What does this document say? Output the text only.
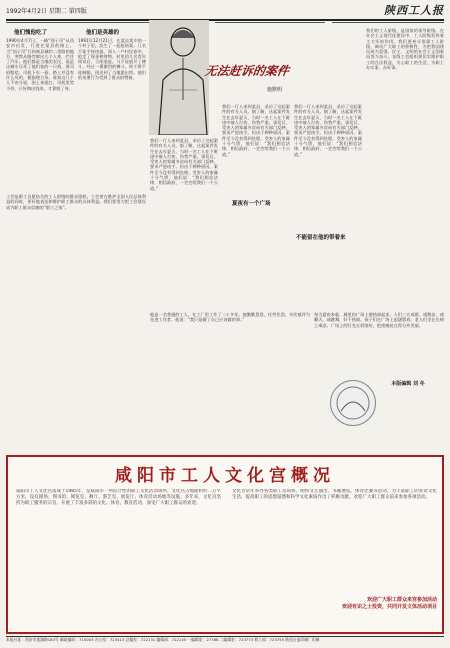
1992年4月2日 星期二 第四版	陕西工人报
他们愧他吃了
1990年4月7日，一辆“别子吊”从西安市出发，行进在某县的路上。当“别子吊”行到离县城约二里路的地方，突然从路旁窜出几个人来，拦住了汽车。他们都是当地的农民，说是这辆车压死了他们家的一只鸡，要司机赔偿。司机下车一看，路上并没有什么死鸡，便据理力争。谁知这几个人不由分说，围上来就打。司机见势不妙，只好掏出钱来，才算脱了身。
他们是英雄的
1991年12月21日，在某县某乡的一个村子里，发生了一起抢劫案。几名歹徒手持凶器，闯入一户村民家中，抢走了现金和财物。村里的几名青年闻讯后，立即追赶，与歹徒展开了搏斗。经过一番激烈的搏斗，终于将歹徒制服，扭送到了当地派出所。他们的英勇行为受到了群众的赞扬。	无法赶诉的案件
施默明
我们一行人来到某县，采访了这起案件的有关人员。据了解，这起案件发生在去年夏天，当时一名工人在下班途中被人打伤，伤势严重。事发后，受害人的家属多次向有关部门反映，要求严惩凶手。但由于种种原因，案件至今没有得到处理。受害人的家属十分气愤，他们说：“我们相信法律，相信政府，一定会给我们一个公道。”
我们一行人来到某县，采访了这起案件的有关人员。据了解，这起案件发生在去年夏天，当时一名工人在下班途中被人打伤，伤势严重。事发后，受害人的家属多次向有关部门反映，要求严惩凶手。但由于种种原因，案件至今没有得到处理。受害人的家属十分气愤，他们说：“我们相信法律，相信政府，一定会给我们一个公道。”
我们一行人来到某县，采访了这起案件的有关人员。据了解，这起案件发生在去年夏天，当时一名工人在下班途中被人打伤，伤势严重。事发后，受害人的家属多次向有关部门反映，要求严惩凶手。但由于种种原因，案件至今没有得到处理。受害人的家属十分气愤，他们说：“我们相信法律，相信政府，一定会给我们一个公道。”
夏夜有一个广场
不能留在他的带着来
我们的工人阶级，是国家的领导阶级。在社会主义现代化建设中，工人阶级发挥着主力军的作用。我们要充分依靠工人阶级，调动广大职工的积极性，为把我国建设成为富强、民主、文明的社会主义国家而努力奋斗。各级工会组织要切实维护职工的合法权益，关心职工的生活，为职工办实事、办好事。
工会是职工自愿结合的工人阶级的群众组织。工会要在维护全国人民总体利益的同时，更好地表达和维护职工群众的具体利益。我们要努力把工会建设成为职工群众信赖的“职工之家”。
他是一名普通的工人，在工厂里工作了二十多年。他勤勤恳恳，任劳任怨，多次被评为先进工作者。他说：“我只是做了自己应该做的事。”
每当夏夜来临，城里的广场上便热闹起来。人们三五成群，或散步，或聊天，或跳舞，好不热闹。孩子们在广场上追逐嬉戏，老人们坐在长椅上乘凉。广场上的灯光五彩缤纷，把夜晚装点得分外美丽。
本版编辑 刘 冬
咸阳市工人文化宫概况
咸阳市工人文化宫落成于1985年，是咸阳市一所综合性的职工文化活动场所。文化宫占地面积约二万平方米，设有剧场、图书馆、阅览室、舞厅、游艺室、展览厅、体育活动场地等设施。多年来，文化宫坚持为职工服务的宗旨，开展了丰富多彩的文化、体育、教育活动，深受广大职工群众的欢迎。
文化宫常年举办各类职工培训班，组织文艺演出、书画展览、体育比赛等活动，为丰富职工的业余文化生活，提高职工的思想道德和科学文化素质作出了积极贡献。欢迎广大职工群众前来参加各项活动。
欢迎广大职工群众来宫参加活动
欢迎有识之士投资，共同开发文体活动项目
本报社址：西安市莲湖路183号 邮政编码：710003 办公室：723413 总编室：722131 编辑部：722145 一编辑室：27788 二编辑室：723773 群工部：723755 陕西日报印刷厂印刷
